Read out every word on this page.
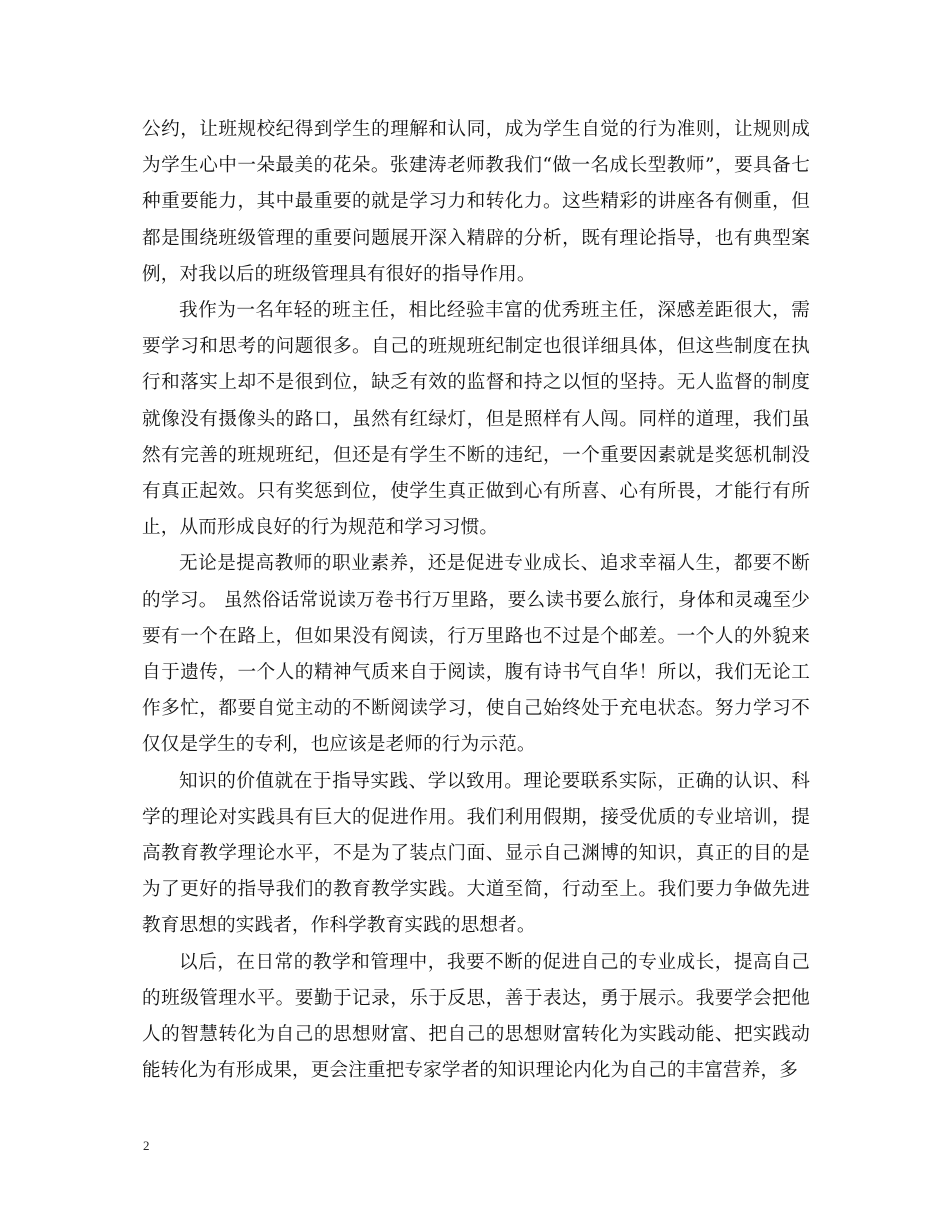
公约，让班规校纪得到学生的理解和认同，成为学生自觉的行为准则，让规则成为学生心中一朵最美的花朵。张建涛老师教我们“做一名成长型教师”，要具备七种重要能力，其中最重要的就是学习力和转化力。这些精彩的讲座各有侧重，但都是围绕班级管理的重要问题展开深入精辟的分析，既有理论指导，也有典型案例，对我以后的班级管理具有很好的指导作用。

我作为一名年轻的班主任，相比经验丰富的优秀班主任，深感差距很大，需要学习和思考的问题很多。自己的班规班纪制定也很详细具体，但这些制度在执行和落实上却不是很到位，缺乏有效的监督和持之以恒的坚持。无人监督的制度就像没有摄像头的路口，虽然有红绿灯，但是照样有人闯。同样的道理，我们虽然有完善的班规班纪，但还是有学生不断的违纪，一个重要因素就是奖惩机制没有真正起效。只有奖惩到位，使学生真正做到心有所喜、心有所畏，才能行有所止，从而形成良好的行为规范和学习习惯。

无论是提高教师的职业素养，还是促进专业成长、追求幸福人生，都要不断的学习。 虽然俗话常说读万卷书行万里路，要么读书要么旅行，身体和灵魂至少要有一个在路上，但如果没有阅读，行万里路也不过是个邮差。一个人的外貌来自于遗传，一个人的精神气质来自于阅读，腹有诗书气自华！所以，我们无论工作多忙，都要自觉主动的不断阅读学习，使自己始终处于充电状态。努力学习不仅仅是学生的专利，也应该是老师的行为示范。

知识的价值就在于指导实践、学以致用。理论要联系实际，正确的认识、科学的理论对实践具有巨大的促进作用。我们利用假期，接受优质的专业培训，提高教育教学理论水平，不是为了装点门面、显示自己渊博的知识，真正的目的是为了更好的指导我们的教育教学实践。大道至简，行动至上。我们要力争做先进教育思想的实践者，作科学教育实践的思想者。

以后，在日常的教学和管理中，我要不断的促进自己的专业成长，提高自己的班级管理水平。要勤于记录，乐于反思，善于表达，勇于展示。我要学会把他人的智慧转化为自己的思想财富、把自己的思想财富转化为实践动能、把实践动能转化为有形成果，更会注重把专家学者的知识理论内化为自己的丰富营养，多

2
